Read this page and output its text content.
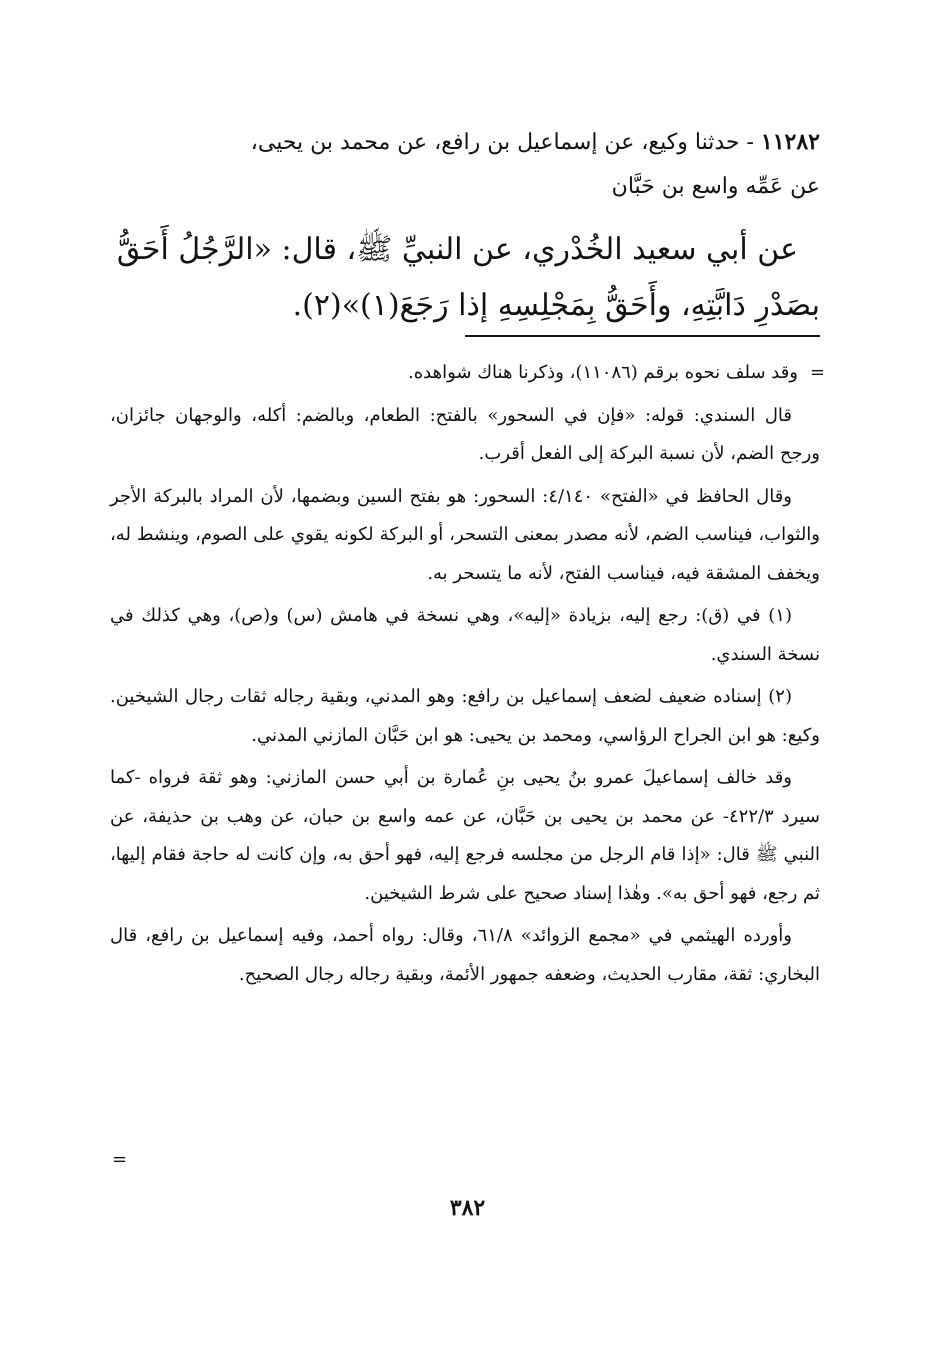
١١٢٨٢ - حدثنا وكيع، عن إسماعيل بن رافع، عن محمد بن يحيى،
عن عَمِّه واسع بن حَبَّان

عن أبي سعيد الخُدْري، عن النبيِّ ﷺ، قال: «الرَّجُلُ أَحَقُّ

بصَدْرِ دَابَّتِهِ، وأَحَقُّ بِمَجْلِسِهِ إذا رَجَعَ(١)»(٢).

=

وقد سلف نحوه برقم (١١٠٨٦)، وذكرنا هناك شواهده.

قال السندي: قوله: «فإن في السحور» بالفتح: الطعام، وبالضم: أكله، والوجهان جائزان، ورجح الضم، لأن نسبة البركة إلى الفعل أقرب.

وقال الحافظ في «الفتح» ٤/١٤٠: السحور: هو بفتح السين وبضمها، لأن المراد بالبركة الأجر والثواب، فيناسب الضم، لأنه مصدر بمعنى التسحر، أو البركة لكونه يقوي على الصوم، وينشط له، ويخفف المشقة فيه، فيناسب الفتح، لأنه ما يتسحر به.

(١) في (ق): رجع إليه، بزيادة «إليه»، وهي نسخة في هامش (س) و(ص)، وهي كذلك في نسخة السندي.

(٢) إسناده ضعيف لضعف إسماعيل بن رافع: وهو المدني، وبقية رجاله ثقات رجال الشيخين. وكيع: هو ابن الجراح الرؤاسي، ومحمد بن يحيى: هو ابن حَبَّان المازني المدني.

وقد خالف إسماعيلَ عمرو بنُ يحيى بنِ عُمارة بن أبي حسن المازني: وهو ثقة فرواه -كما سيرد ٤٢٢/٣- عن محمد بن يحيى بن حَبَّان، عن عمه واسع بن حبان، عن وهب بن حذيفة، عن النبي ﷺ قال: «إذا قام الرجل من مجلسه فرجع إليه، فهو أحق به، وإن كانت له حاجة فقام إليها، ثم رجع، فهو أحق به». وهٰذا إسناد صحيح على شرط الشيخين.

وأورده الهيثمي في «مجمع الزوائد» ٦١/٨، وقال: رواه أحمد، وفيه إسماعيل بن رافع، قال البخاري: ثقة، مقارب الحديث، وضعفه جمهور الأئمة، وبقية رجاله رجال الصحيح.

=
٣٨٢
